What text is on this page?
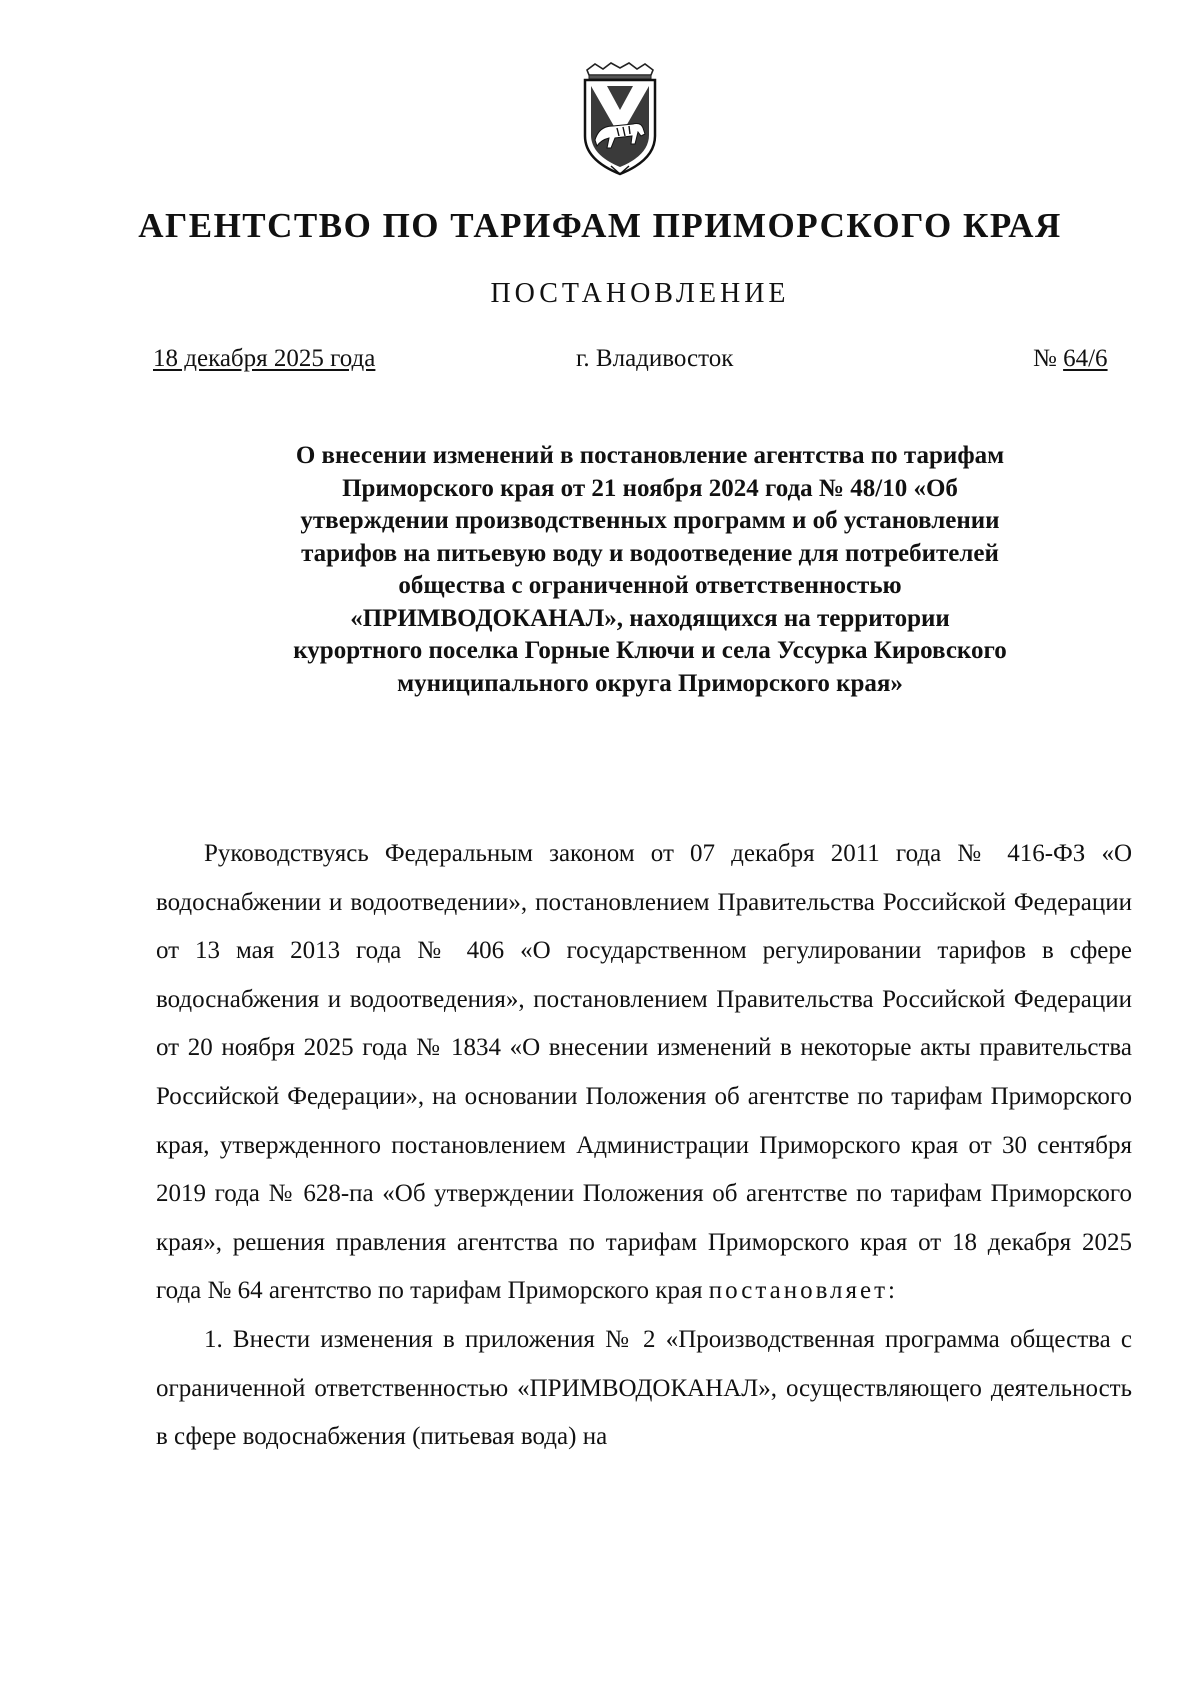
АГЕНТСТВО ПО ТАРИФАМ ПРИМОРСКОГО КРАЯ
ПОСТАНОВЛЕНИЕ
18 декабря 2025 года	г. Владивосток	№ 64/6
О внесении изменений в постановление агентства по тарифам Приморского края от 21 ноября 2024 года № 48/10 «Об утверждении производственных программ и об установлении тарифов на питьевую воду и водоотведение для потребителей общества с ограниченной ответственностью «ПРИМВОДОКАНАЛ», находящихся на территории курортного поселка Горные Ключи и села Уссурка Кировского муниципального округа Приморского края»

Руководствуясь Федеральным законом от 07 декабря 2011 года № 416-ФЗ «О водоснабжении и водоотведении», постановлением Правительства Российской Федерации от 13 мая 2013 года № 406 «О государственном регулировании тарифов в сфере водоснабжения и водоотведения», постановлением Правительства Российской Федерации от 20 ноября 2025 года № 1834 «О внесении изменений в некоторые акты правительства Российской Федерации», на основании Положения об агентстве по тарифам Приморского края, утвержденного постановлением Администрации Приморского края от 30 сентября 2019 года № 628-па «Об утверждении Положения об агентстве по тарифам Приморского края», решения правления агентства по тарифам Приморского края от 18 декабря 2025 года № 64 агентство по тарифам Приморского края постановляет:

1. Внести изменения в приложения № 2 «Производственная программа общества с ограниченной ответственностью «ПРИМВОДОКАНАЛ», осуществляющего деятельность в сфере водоснабжения (питьевая вода) на
